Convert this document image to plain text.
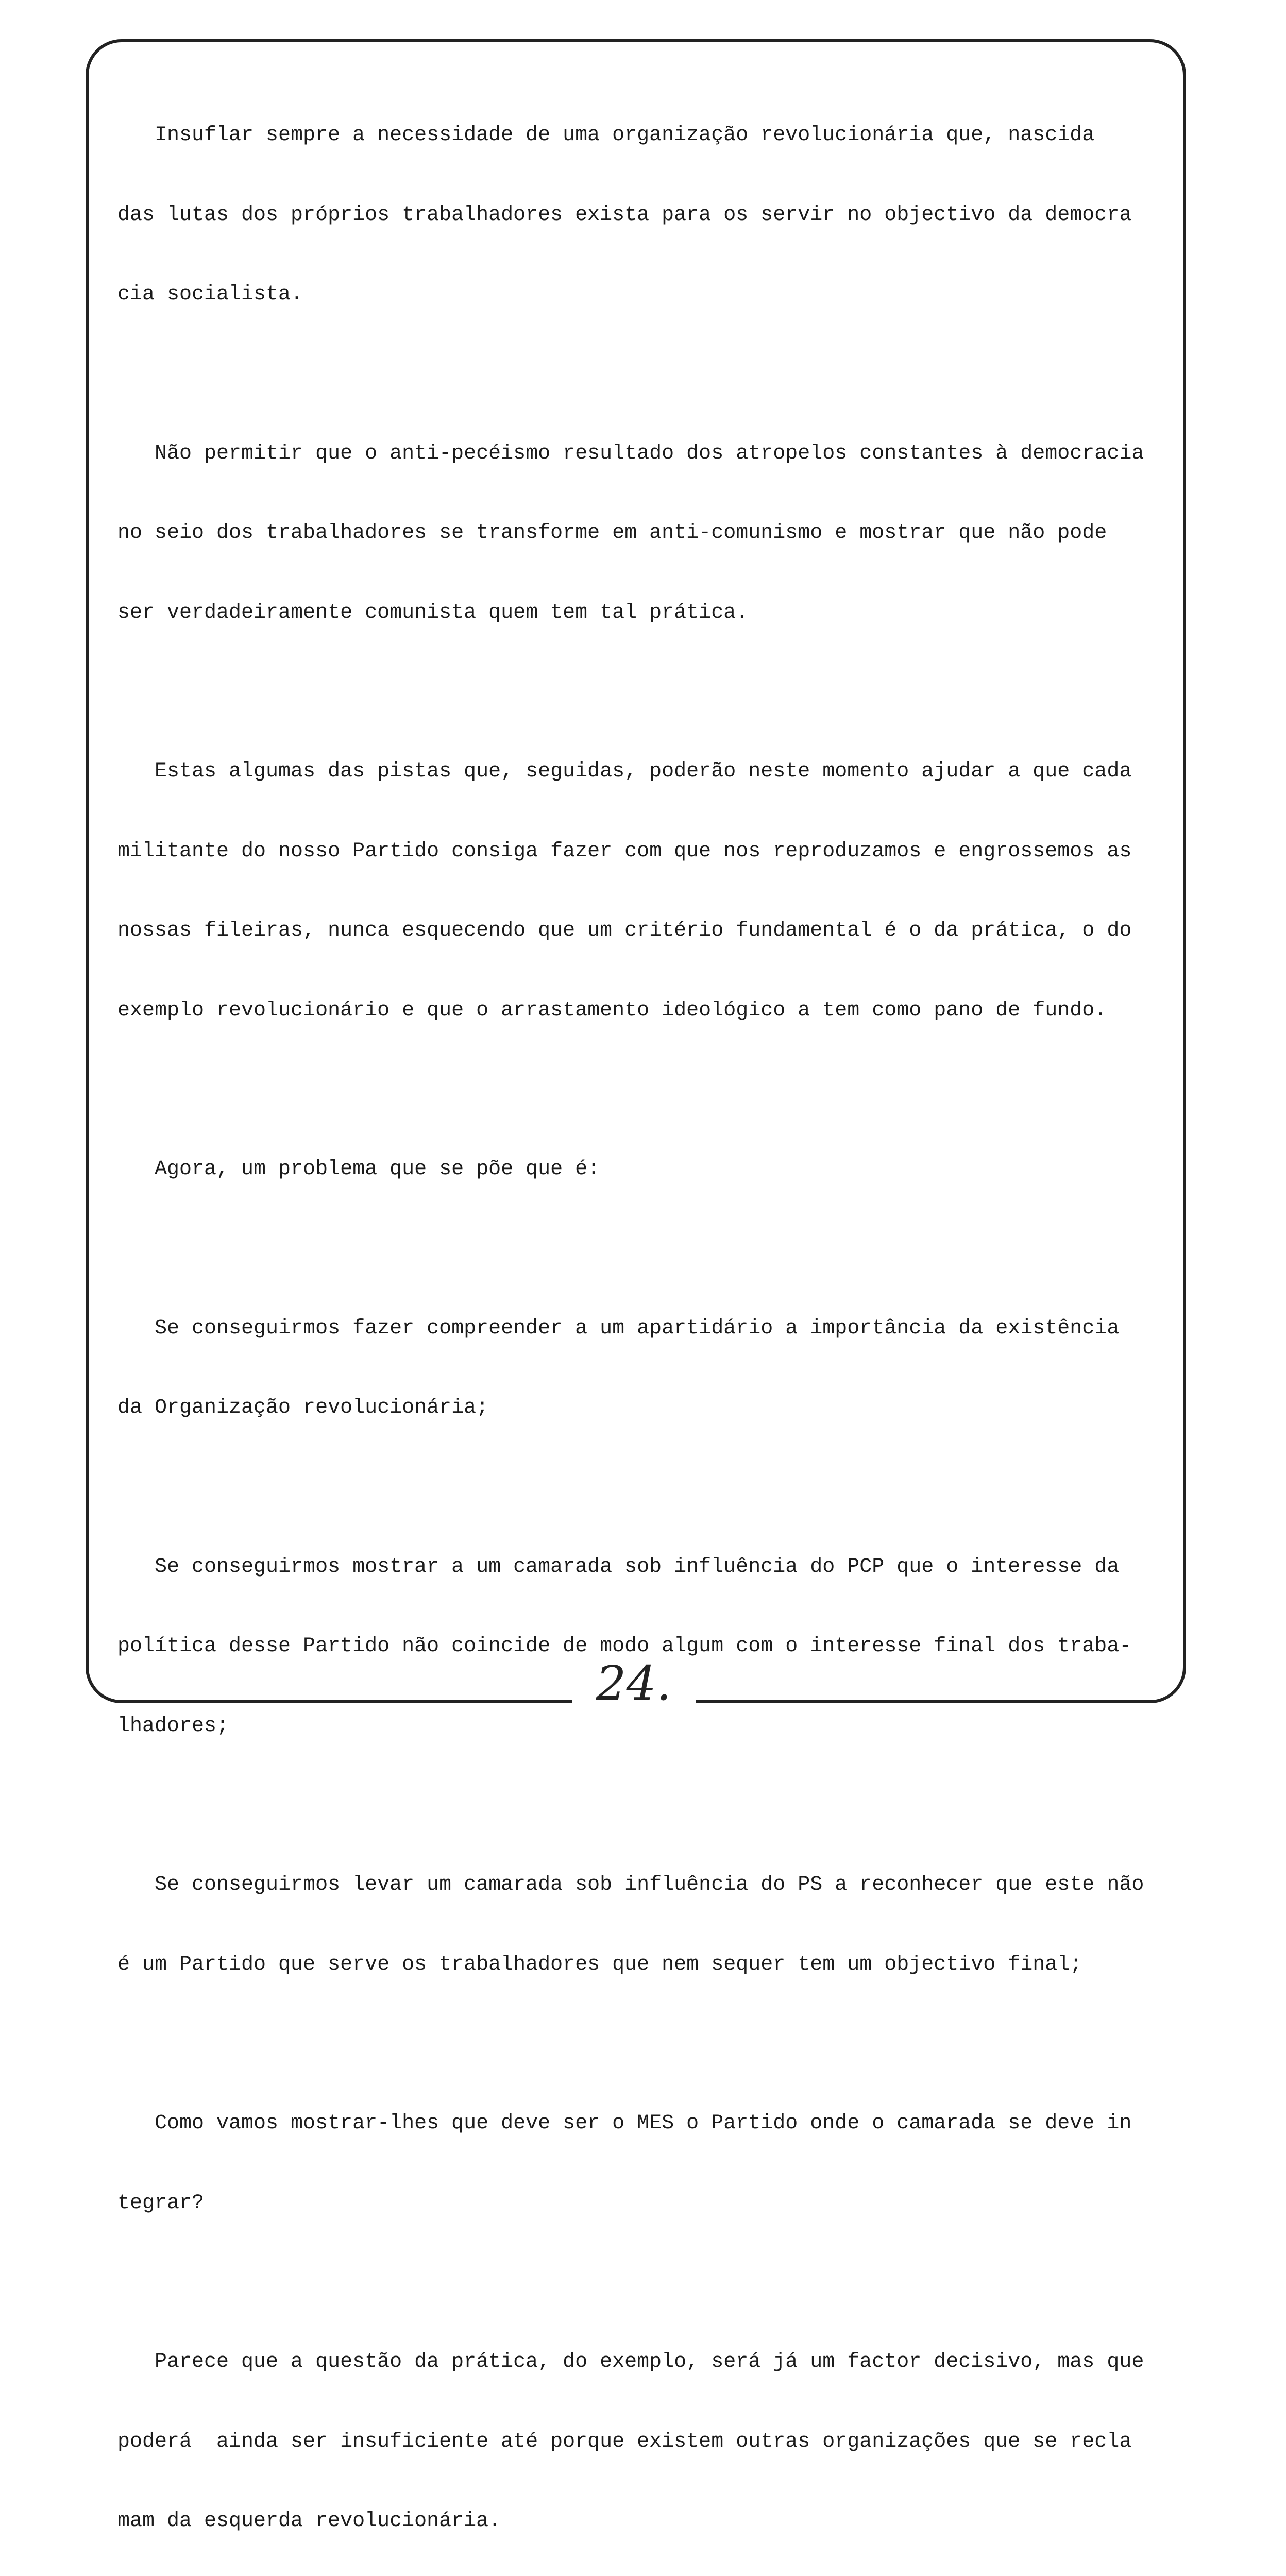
24.

Insuflar sempre a necessidade de uma organização revolucionária que, nascida

das lutas dos próprios trabalhadores exista para os servir no objectivo da democra

cia socialista.

Não permitir que o anti-pecéismo resultado dos atropelos constantes à democracia

no seio dos trabalhadores se transforme em anti-comunismo e mostrar que não pode

ser verdadeiramente comunista quem tem tal prática.

Estas algumas das pistas que, seguidas, poderão neste momento ajudar a que cada

militante do nosso Partido consiga fazer com que nos reproduzamos e engrossemos as

nossas fileiras, nunca esquecendo que um critério fundamental é o da prática, o do

exemplo revolucionário e que o arrastamento ideológico a tem como pano de fundo.

Agora, um problema que se põe que é:

Se conseguirmos fazer compreender a um apartidário a importância da existência

da Organização revolucionária;

Se conseguirmos mostrar a um camarada sob influência do PCP que o interesse da

política desse Partido não coincide de modo algum com o interesse final dos traba-

lhadores;

Se conseguirmos levar um camarada sob influência do PS a reconhecer que este não

é um Partido que serve os trabalhadores que nem sequer tem um objectivo final;

Como vamos mostrar-lhes que deve ser o MES o Partido onde o camarada se deve in

tegrar?

Parece que a questão da prática, do exemplo, será já um factor decisivo, mas que

poderá  ainda ser insuficiente até porque existem outras organizações que se recla

mam da esquerda revolucionária.
